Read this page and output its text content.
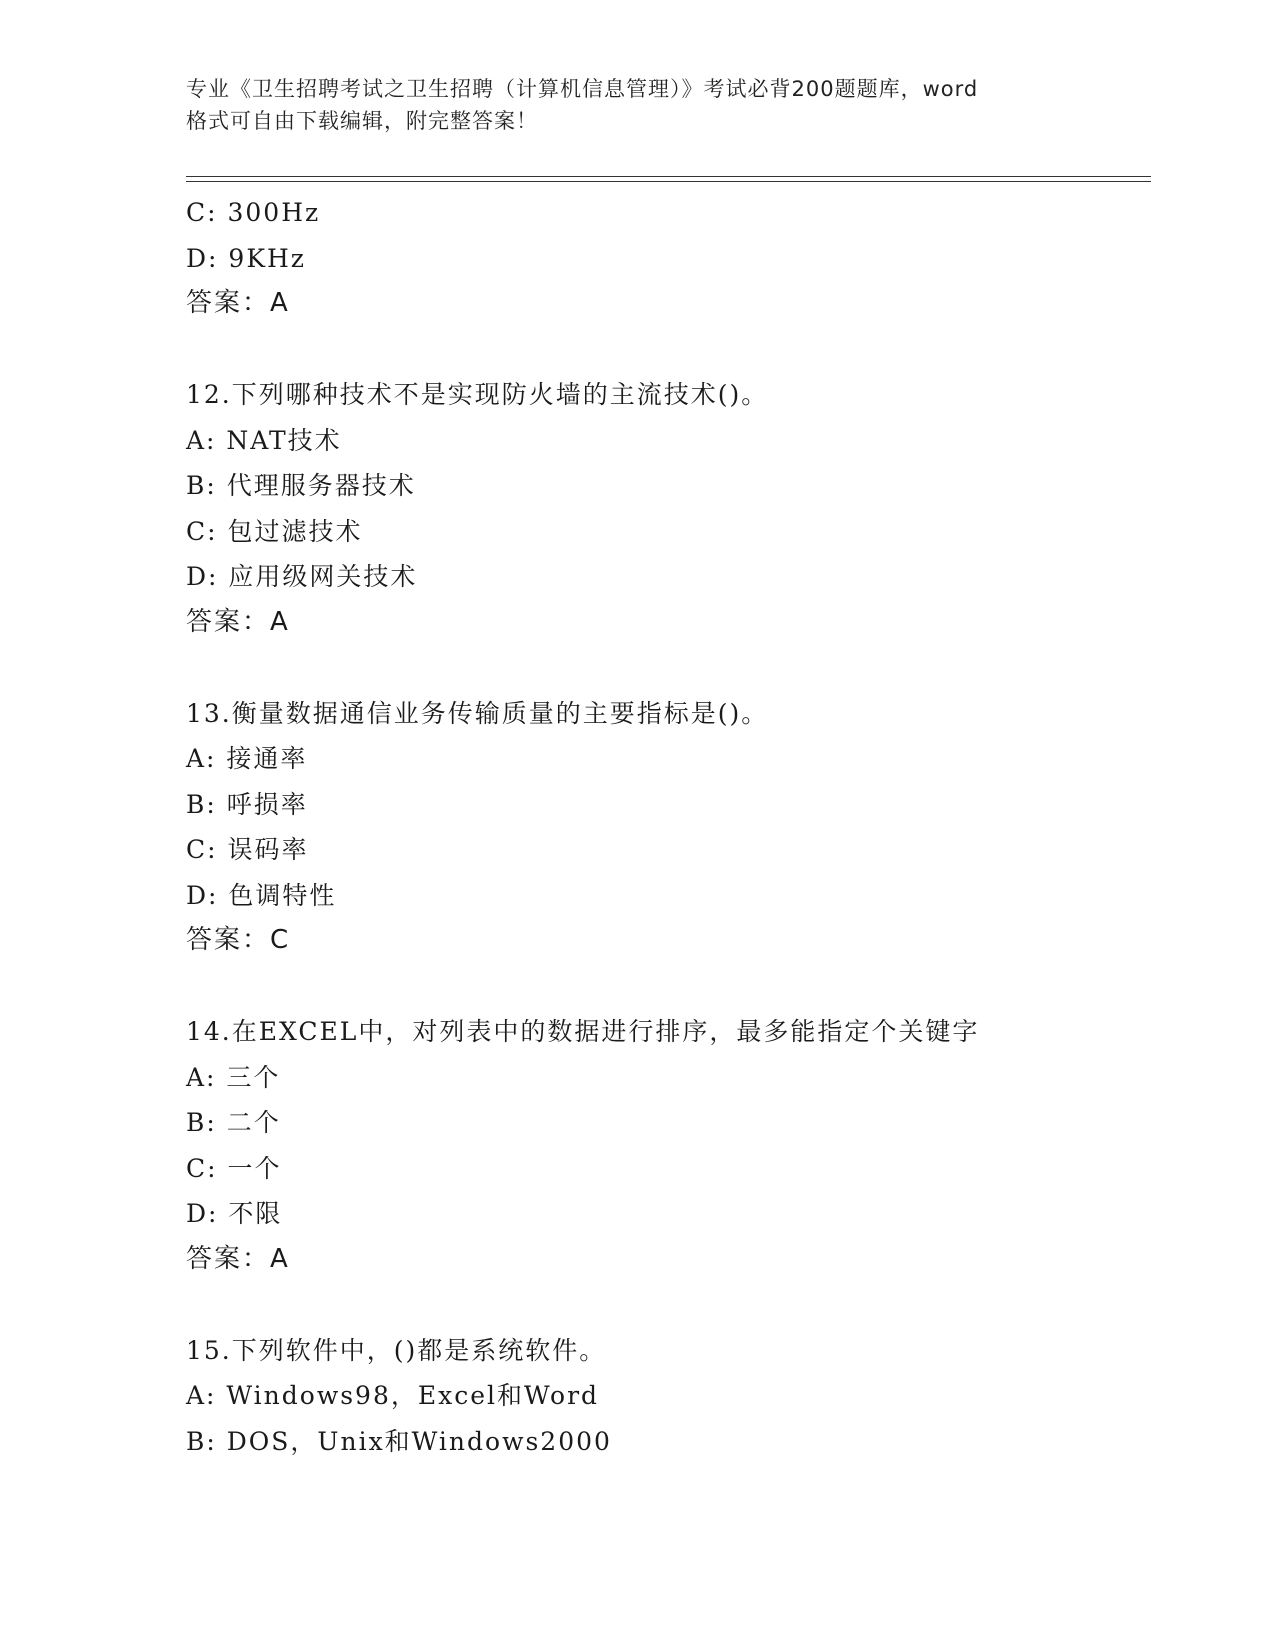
专业《卫生招聘考试之卫生招聘（计算机信息管理）》考试必背200题题库，word
格式可自由下载编辑，附完整答案！
C: 300Hz
D: 9KHz
答案：A
12.下列哪种技术不是实现防火墙的主流技术()。
A: NAT技术
B: 代理服务器技术
C: 包过滤技术
D: 应用级网关技术
答案：A
13.衡量数据通信业务传输质量的主要指标是()。
A: 接通率
B: 呼损率
C: 误码率
D: 色调特性
答案：C
14.在EXCEL中，对列表中的数据进行排序，最多能指定个关键字
A: 三个
B: 二个
C: 一个
D: 不限
答案：A
15.下列软件中，()都是系统软件。
A: Windows98，Excel和Word
B: DOS，Unix和Windows2000
